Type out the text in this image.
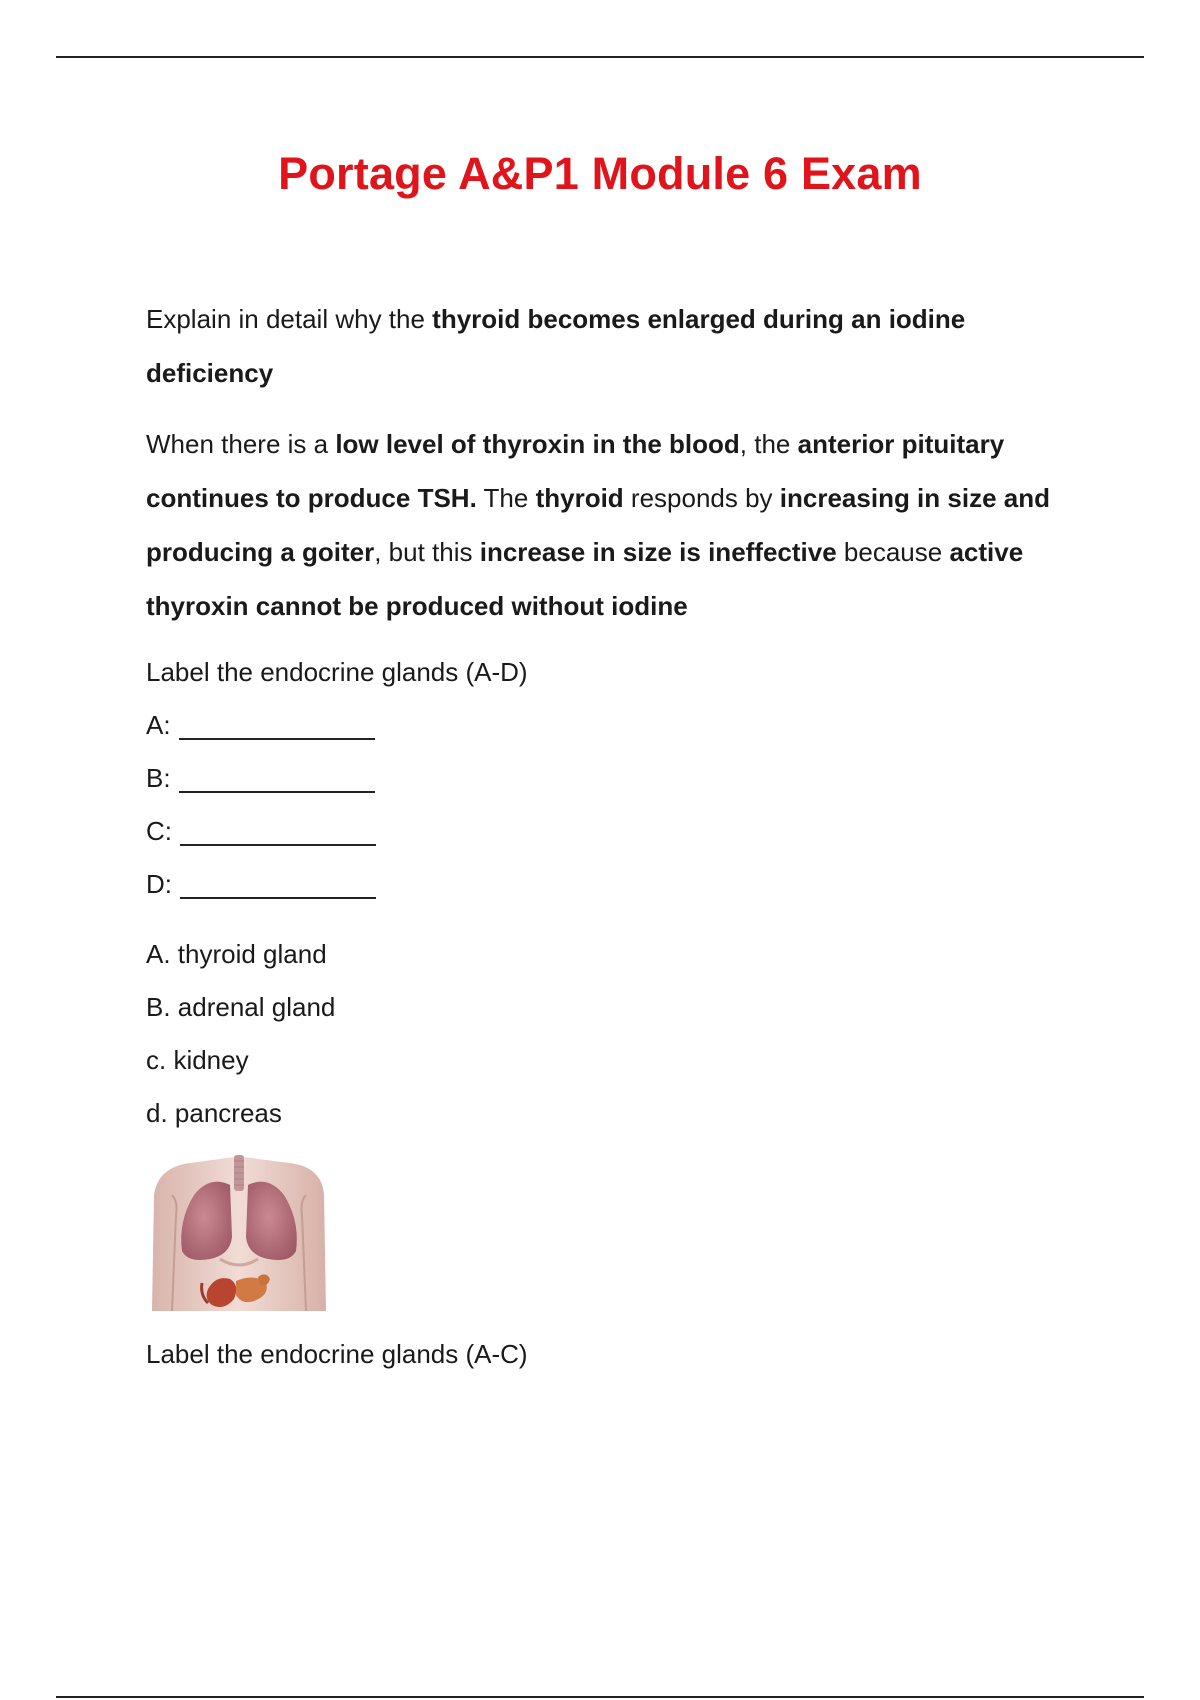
Portage A&P1 Module 6 Exam

Explain in detail why the thyroid becomes enlarged during an iodine deficiency

When there is a low level of thyroxin in the blood, the anterior pituitary continues to produce TSH. The thyroid responds by increasing in size and producing a goiter, but this increase in size is ineffective because active thyroxin cannot be produced without iodine

Label the endocrine glands (A-D)
A:
B:
C:
D:
A. thyroid gland
B. adrenal gland
c. kidney
d. pancreas
Label the endocrine glands (A-C)
